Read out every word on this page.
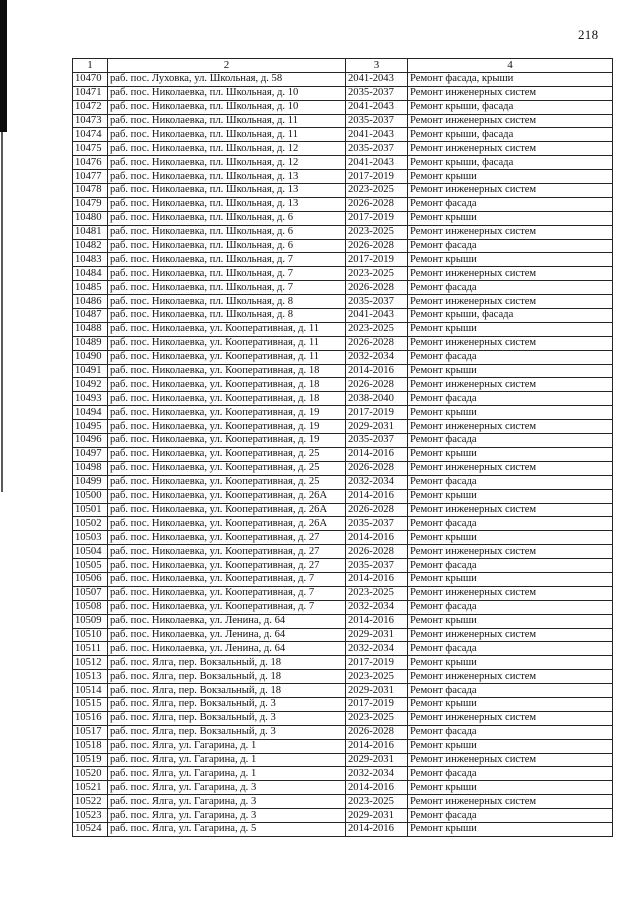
218
1	2	3	4
10470	раб. пос. Луховка, ул. Школьная, д. 58	2041-2043	Ремонт фасада, крыши
10471	раб. пос. Николаевка, пл. Школьная, д. 10	2035-2037	Ремонт инженерных систем
10472	раб. пос. Николаевка, пл. Школьная, д. 10	2041-2043	Ремонт крыши, фасада
10473	раб. пос. Николаевка, пл. Школьная, д. 11	2035-2037	Ремонт инженерных систем
10474	раб. пос. Николаевка, пл. Школьная, д. 11	2041-2043	Ремонт крыши, фасада
10475	раб. пос. Николаевка, пл. Школьная, д. 12	2035-2037	Ремонт инженерных систем
10476	раб. пос. Николаевка, пл. Школьная, д. 12	2041-2043	Ремонт крыши, фасада
10477	раб. пос. Николаевка, пл. Школьная, д. 13	2017-2019	Ремонт крыши
10478	раб. пос. Николаевка, пл. Школьная, д. 13	2023-2025	Ремонт инженерных систем
10479	раб. пос. Николаевка, пл. Школьная, д. 13	2026-2028	Ремонт фасада
10480	раб. пос. Николаевка, пл. Школьная, д. 6	2017-2019	Ремонт крыши
10481	раб. пос. Николаевка, пл. Школьная, д. 6	2023-2025	Ремонт инженерных систем
10482	раб. пос. Николаевка, пл. Школьная, д. 6	2026-2028	Ремонт фасада
10483	раб. пос. Николаевка, пл. Школьная, д. 7	2017-2019	Ремонт крыши
10484	раб. пос. Николаевка, пл. Школьная, д. 7	2023-2025	Ремонт инженерных систем
10485	раб. пос. Николаевка, пл. Школьная, д. 7	2026-2028	Ремонт фасада
10486	раб. пос. Николаевка, пл. Школьная, д. 8	2035-2037	Ремонт инженерных систем
10487	раб. пос. Николаевка, пл. Школьная, д. 8	2041-2043	Ремонт крыши, фасада
10488	раб. пос. Николаевка, ул. Кооперативная, д. 11	2023-2025	Ремонт крыши
10489	раб. пос. Николаевка, ул. Кооперативная, д. 11	2026-2028	Ремонт инженерных систем
10490	раб. пос. Николаевка, ул. Кооперативная, д. 11	2032-2034	Ремонт фасада
10491	раб. пос. Николаевка, ул. Кооперативная, д. 18	2014-2016	Ремонт крыши
10492	раб. пос. Николаевка, ул. Кооперативная, д. 18	2026-2028	Ремонт инженерных систем
10493	раб. пос. Николаевка, ул. Кооперативная, д. 18	2038-2040	Ремонт фасада
10494	раб. пос. Николаевка, ул. Кооперативная, д. 19	2017-2019	Ремонт крыши
10495	раб. пос. Николаевка, ул. Кооперативная, д. 19	2029-2031	Ремонт инженерных систем
10496	раб. пос. Николаевка, ул. Кооперативная, д. 19	2035-2037	Ремонт фасада
10497	раб. пос. Николаевка, ул. Кооперативная, д. 25	2014-2016	Ремонт крыши
10498	раб. пос. Николаевка, ул. Кооперативная, д. 25	2026-2028	Ремонт инженерных систем
10499	раб. пос. Николаевка, ул. Кооперативная, д. 25	2032-2034	Ремонт фасада
10500	раб. пос. Николаевка, ул. Кооперативная, д. 26А	2014-2016	Ремонт крыши
10501	раб. пос. Николаевка, ул. Кооперативная, д. 26А	2026-2028	Ремонт инженерных систем
10502	раб. пос. Николаевка, ул. Кооперативная, д. 26А	2035-2037	Ремонт фасада
10503	раб. пос. Николаевка, ул. Кооперативная, д. 27	2014-2016	Ремонт крыши
10504	раб. пос. Николаевка, ул. Кооперативная, д. 27	2026-2028	Ремонт инженерных систем
10505	раб. пос. Николаевка, ул. Кооперативная, д. 27	2035-2037	Ремонт фасада
10506	раб. пос. Николаевка, ул. Кооперативная, д. 7	2014-2016	Ремонт крыши
10507	раб. пос. Николаевка, ул. Кооперативная, д. 7	2023-2025	Ремонт инженерных систем
10508	раб. пос. Николаевка, ул. Кооперативная, д. 7	2032-2034	Ремонт фасада
10509	раб. пос. Николаевка, ул. Ленина, д. 64	2014-2016	Ремонт крыши
10510	раб. пос. Николаевка, ул. Ленина, д. 64	2029-2031	Ремонт инженерных систем
10511	раб. пос. Николаевка, ул. Ленина, д. 64	2032-2034	Ремонт фасада
10512	раб. пос. Ялга, пер. Вокзальный, д. 18	2017-2019	Ремонт крыши
10513	раб. пос. Ялга, пер. Вокзальный, д. 18	2023-2025	Ремонт инженерных систем
10514	раб. пос. Ялга, пер. Вокзальный, д. 18	2029-2031	Ремонт фасада
10515	раб. пос. Ялга, пер. Вокзальный, д. 3	2017-2019	Ремонт крыши
10516	раб. пос. Ялга, пер. Вокзальный, д. 3	2023-2025	Ремонт инженерных систем
10517	раб. пос. Ялга, пер. Вокзальный, д. 3	2026-2028	Ремонт фасада
10518	раб. пос. Ялга, ул. Гагарина, д. 1	2014-2016	Ремонт крыши
10519	раб. пос. Ялга, ул. Гагарина, д. 1	2029-2031	Ремонт инженерных систем
10520	раб. пос. Ялга, ул. Гагарина, д. 1	2032-2034	Ремонт фасада
10521	раб. пос. Ялга, ул. Гагарина, д. 3	2014-2016	Ремонт крыши
10522	раб. пос. Ялга, ул. Гагарина, д. 3	2023-2025	Ремонт инженерных систем
10523	раб. пос. Ялга, ул. Гагарина, д. 3	2029-2031	Ремонт фасада
10524	раб. пос. Ялга, ул. Гагарина, д. 5	2014-2016	Ремонт крыши
